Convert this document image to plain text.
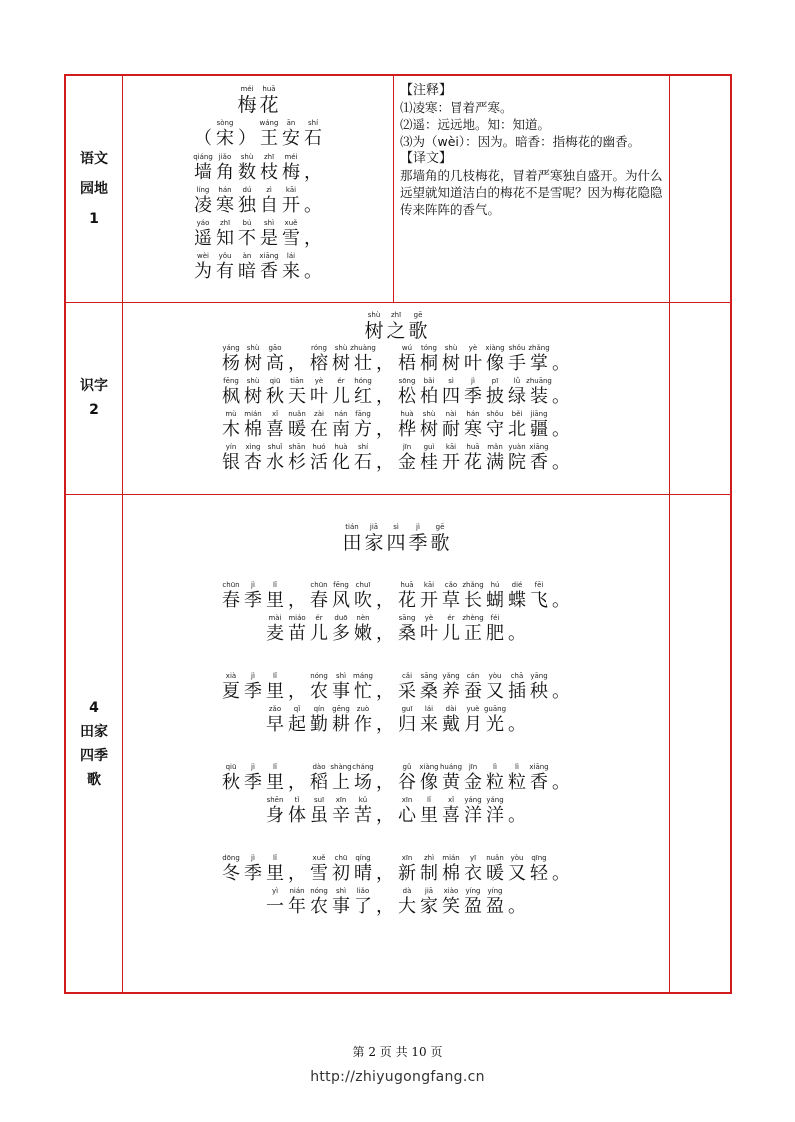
语文
园地
1
识字
2
4
田家
四季
歌
méi
梅
huā
花
（
sòng
宋 ）
wáng
王
ān
安
shí
石
qiáng
墙
jiǎo
角
shù
数
zhī
枝
méi
梅 ，
líng
凌
hán
寒
dú
独
zì
自
kāi
开 。
yáo
遥
zhī
知
bú
不
shì
是
xuě
雪 ，
wèi
为
yǒu
有
àn
暗
xiāng
香
lái
来 。
【注释】
⑴凌寒：冒着严寒。
⑵遥：远远地。知：知道。
⑶为（wèi）：因为。暗香：指梅花的幽香。
【译文】
那墙角的几枝梅花，冒着严寒独自盛开。为什么远望就知道洁白的梅花不是雪呢？因为梅花隐隐传来阵阵的香气。
shù
树
zhī
之
gē
歌
yáng
杨
shù
树
gāo
高 ，
róng
榕
shù
树
zhuàng
壮 ，
wú
梧
tóng
桐
shù
树
yè
叶
xiàng
像
shǒu
手
zhǎng
掌 。
fēng
枫
shù
树
qiū
秋
tiān
天
yè
叶
ér
儿
hóng
红 ，
sōng
松
bǎi
柏
sì
四
jì
季
pī
披
lǜ
绿
zhuāng
装 。
mù
木
mián
棉
xǐ
喜
nuǎn
暖
zài
在
nán
南
fāng
方 ，
huà
桦
shù
树
nài
耐
hán
寒
shǒu
守
běi
北
jiāng
疆 。
yín
银
xìng
杏
shuǐ
水
shān
杉
huó
活
huà
化
shí
石 ，
jīn
金
guì
桂
kāi
开
huā
花
mǎn
满
yuàn
院
xiāng
香 。
tián
田
jiā
家
sì
四
jì
季
gē
歌
chūn
春
jì
季
lǐ
里 ，
chūn
春
fēng
风
chuī
吹 ，
huā
花
kāi
开
cǎo
草
zhǎng
长
hú
蝴
dié
蝶
fēi
飞 。
mài
麦
miáo
苗
ér
儿
duō
多
nèn
嫩 ，
sāng
桑
yè
叶
ér
儿
zhèng
正
féi
肥 。
xià
夏
jì
季
lǐ
里 ，
nóng
农
shì
事
máng
忙 ，
cǎi
采
sāng
桑
yǎng
养
cán
蚕
yòu
又
chā
插
yāng
秧 。
zǎo
早
qǐ
起
qín
勤
gēng
耕
zuò
作 ，
guī
归
lái
来
dài
戴
yuè
月
guāng
光 。
qiū
秋
jì
季
lǐ
里 ，
dào
稻
shàng
上
cháng
场 ，
gǔ
谷
xiàng
像
huáng
黄
jīn
金
lì
粒
lì
粒
xiāng
香 。
shēn
身
tǐ
体
suī
虽
xīn
辛
kǔ
苦 ，
xīn
心
lǐ
里
xǐ
喜
yáng
洋
yáng
洋 。
dōng
冬
jì
季
lǐ
里 ，
xuě
雪
chū
初
qíng
晴 ，
xīn
新
zhì
制
mián
棉
yī
衣
nuǎn
暖
yòu
又
qīng
轻 。
yì
一
nián
年
nóng
农
shì
事
liǎo
了 ，
dà
大
jiā
家
xiào
笑
yíng
盈
yíng
盈 。
第 2 页 共 10 页
http://zhiyugongfang.cn
